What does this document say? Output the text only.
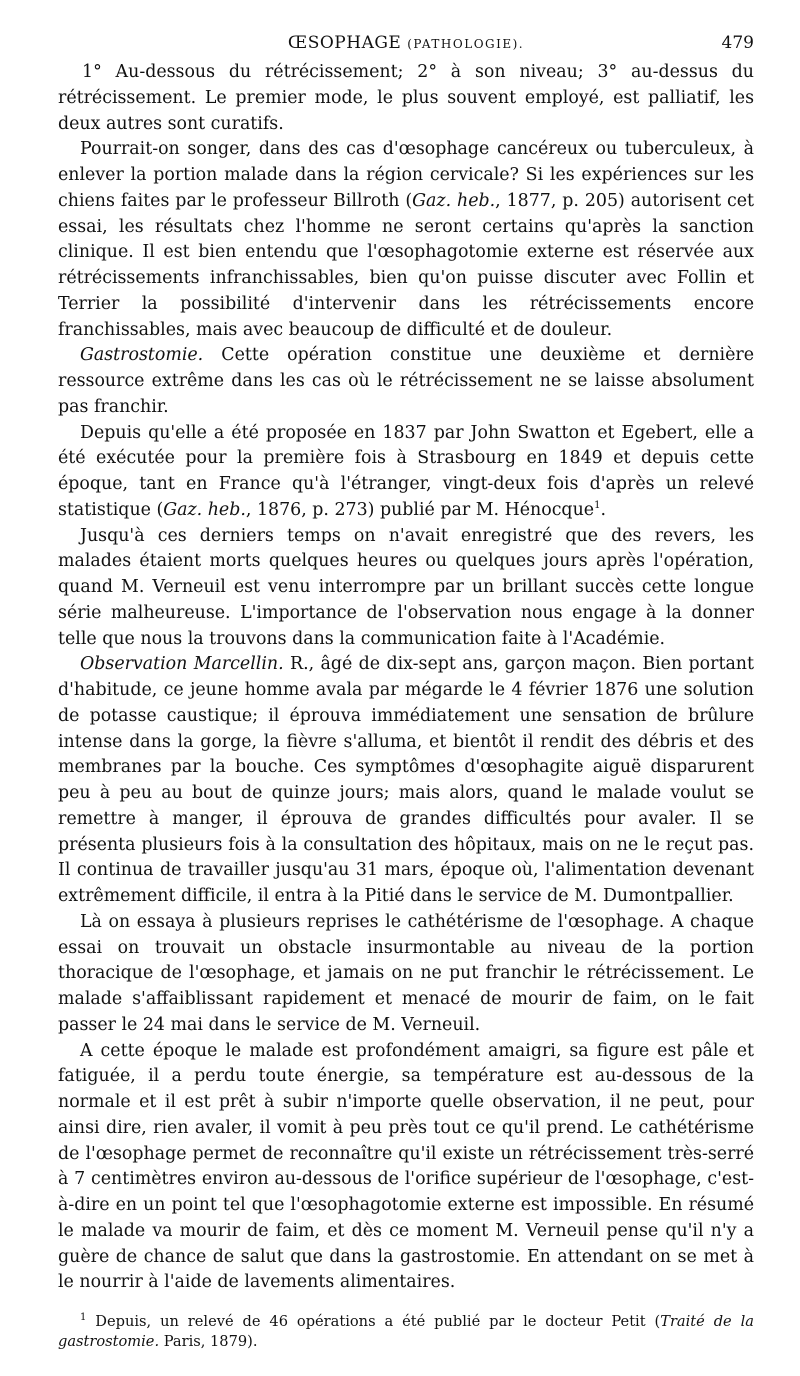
ŒSOPHAGE (PATHOLOGIE).	479

1° Au-dessous du rétrécissement; 2° à son niveau; 3° au-dessus du rétrécissement. Le premier mode, le plus souvent employé, est palliatif, les deux autres sont curatifs.

Pourrait-on songer, dans des cas d'œsophage cancéreux ou tuberculeux, à enlever la portion malade dans la région cervicale? Si les expériences sur les chiens faites par le professeur Billroth (Gaz. heb., 1877, p. 205) autorisent cet essai, les résultats chez l'homme ne seront certains qu'après la sanction clinique. Il est bien entendu que l'œsophagotomie externe est réservée aux rétrécissements infranchissables, bien qu'on puisse discuter avec Follin et Terrier la possibilité d'intervenir dans les rétrécissements encore franchissables, mais avec beaucoup de difficulté et de douleur.

Gastrostomie. Cette opération constitue une deuxième et dernière ressource extrême dans les cas où le rétrécissement ne se laisse absolument pas franchir.

Depuis qu'elle a été proposée en 1837 par John Swatton et Egebert, elle a été exécutée pour la première fois à Strasbourg en 1849 et depuis cette époque, tant en France qu'à l'étranger, vingt-deux fois d'après un relevé statistique (Gaz. heb., 1876, p. 273) publié par M. Hénocque$^1$.

Jusqu'à ces derniers temps on n'avait enregistré que des revers, les malades étaient morts quelques heures ou quelques jours après l'opération, quand M. Verneuil est venu interrompre par un brillant succès cette longue série malheureuse. L'importance de l'observation nous engage à la donner telle que nous la trouvons dans la communication faite à l'Académie.

Observation Marcellin. R., âgé de dix-sept ans, garçon maçon. Bien portant d'habitude, ce jeune homme avala par mégarde le 4 février 1876 une solution de potasse caustique; il éprouva immédiatement une sensation de brûlure intense dans la gorge, la fièvre s'alluma, et bientôt il rendit des débris et des membranes par la bouche. Ces symptômes d'œsophagite aiguë disparurent peu à peu au bout de quinze jours; mais alors, quand le malade voulut se remettre à manger, il éprouva de grandes difficultés pour avaler. Il se présenta plusieurs fois à la consultation des hôpitaux, mais on ne le reçut pas. Il continua de travailler jusqu'au 31 mars, époque où, l'alimentation devenant extrêmement difficile, il entra à la Pitié dans le service de M. Dumontpallier.

Là on essaya à plusieurs reprises le cathétérisme de l'œsophage. A chaque essai on trouvait un obstacle insurmontable au niveau de la portion thoracique de l'œsophage, et jamais on ne put franchir le rétrécissement. Le malade s'affaiblissant rapidement et menacé de mourir de faim, on le fait passer le 24 mai dans le service de M. Verneuil.

A cette époque le malade est profondément amaigri, sa figure est pâle et fatiguée, il a perdu toute énergie, sa température est au-dessous de la normale et il est prêt à subir n'importe quelle observation, il ne peut, pour ainsi dire, rien avaler, il vomit à peu près tout ce qu'il prend. Le cathétérisme de l'œsophage permet de reconnaître qu'il existe un rétrécissement très-serré à 7 centimètres environ au-dessous de l'orifice supérieur de l'œsophage, c'est-à-dire en un point tel que l'œsophagotomie externe est impossible. En résumé le malade va mourir de faim, et dès ce moment M. Verneuil pense qu'il n'y a guère de chance de salut que dans la gastrostomie. En attendant on se met à le nourrir à l'aide de lavements alimentaires.

$^1$ Depuis, un relevé de 46 opérations a été publié par le docteur Petit (Traité de la gastrostomie. Paris, 1879).
